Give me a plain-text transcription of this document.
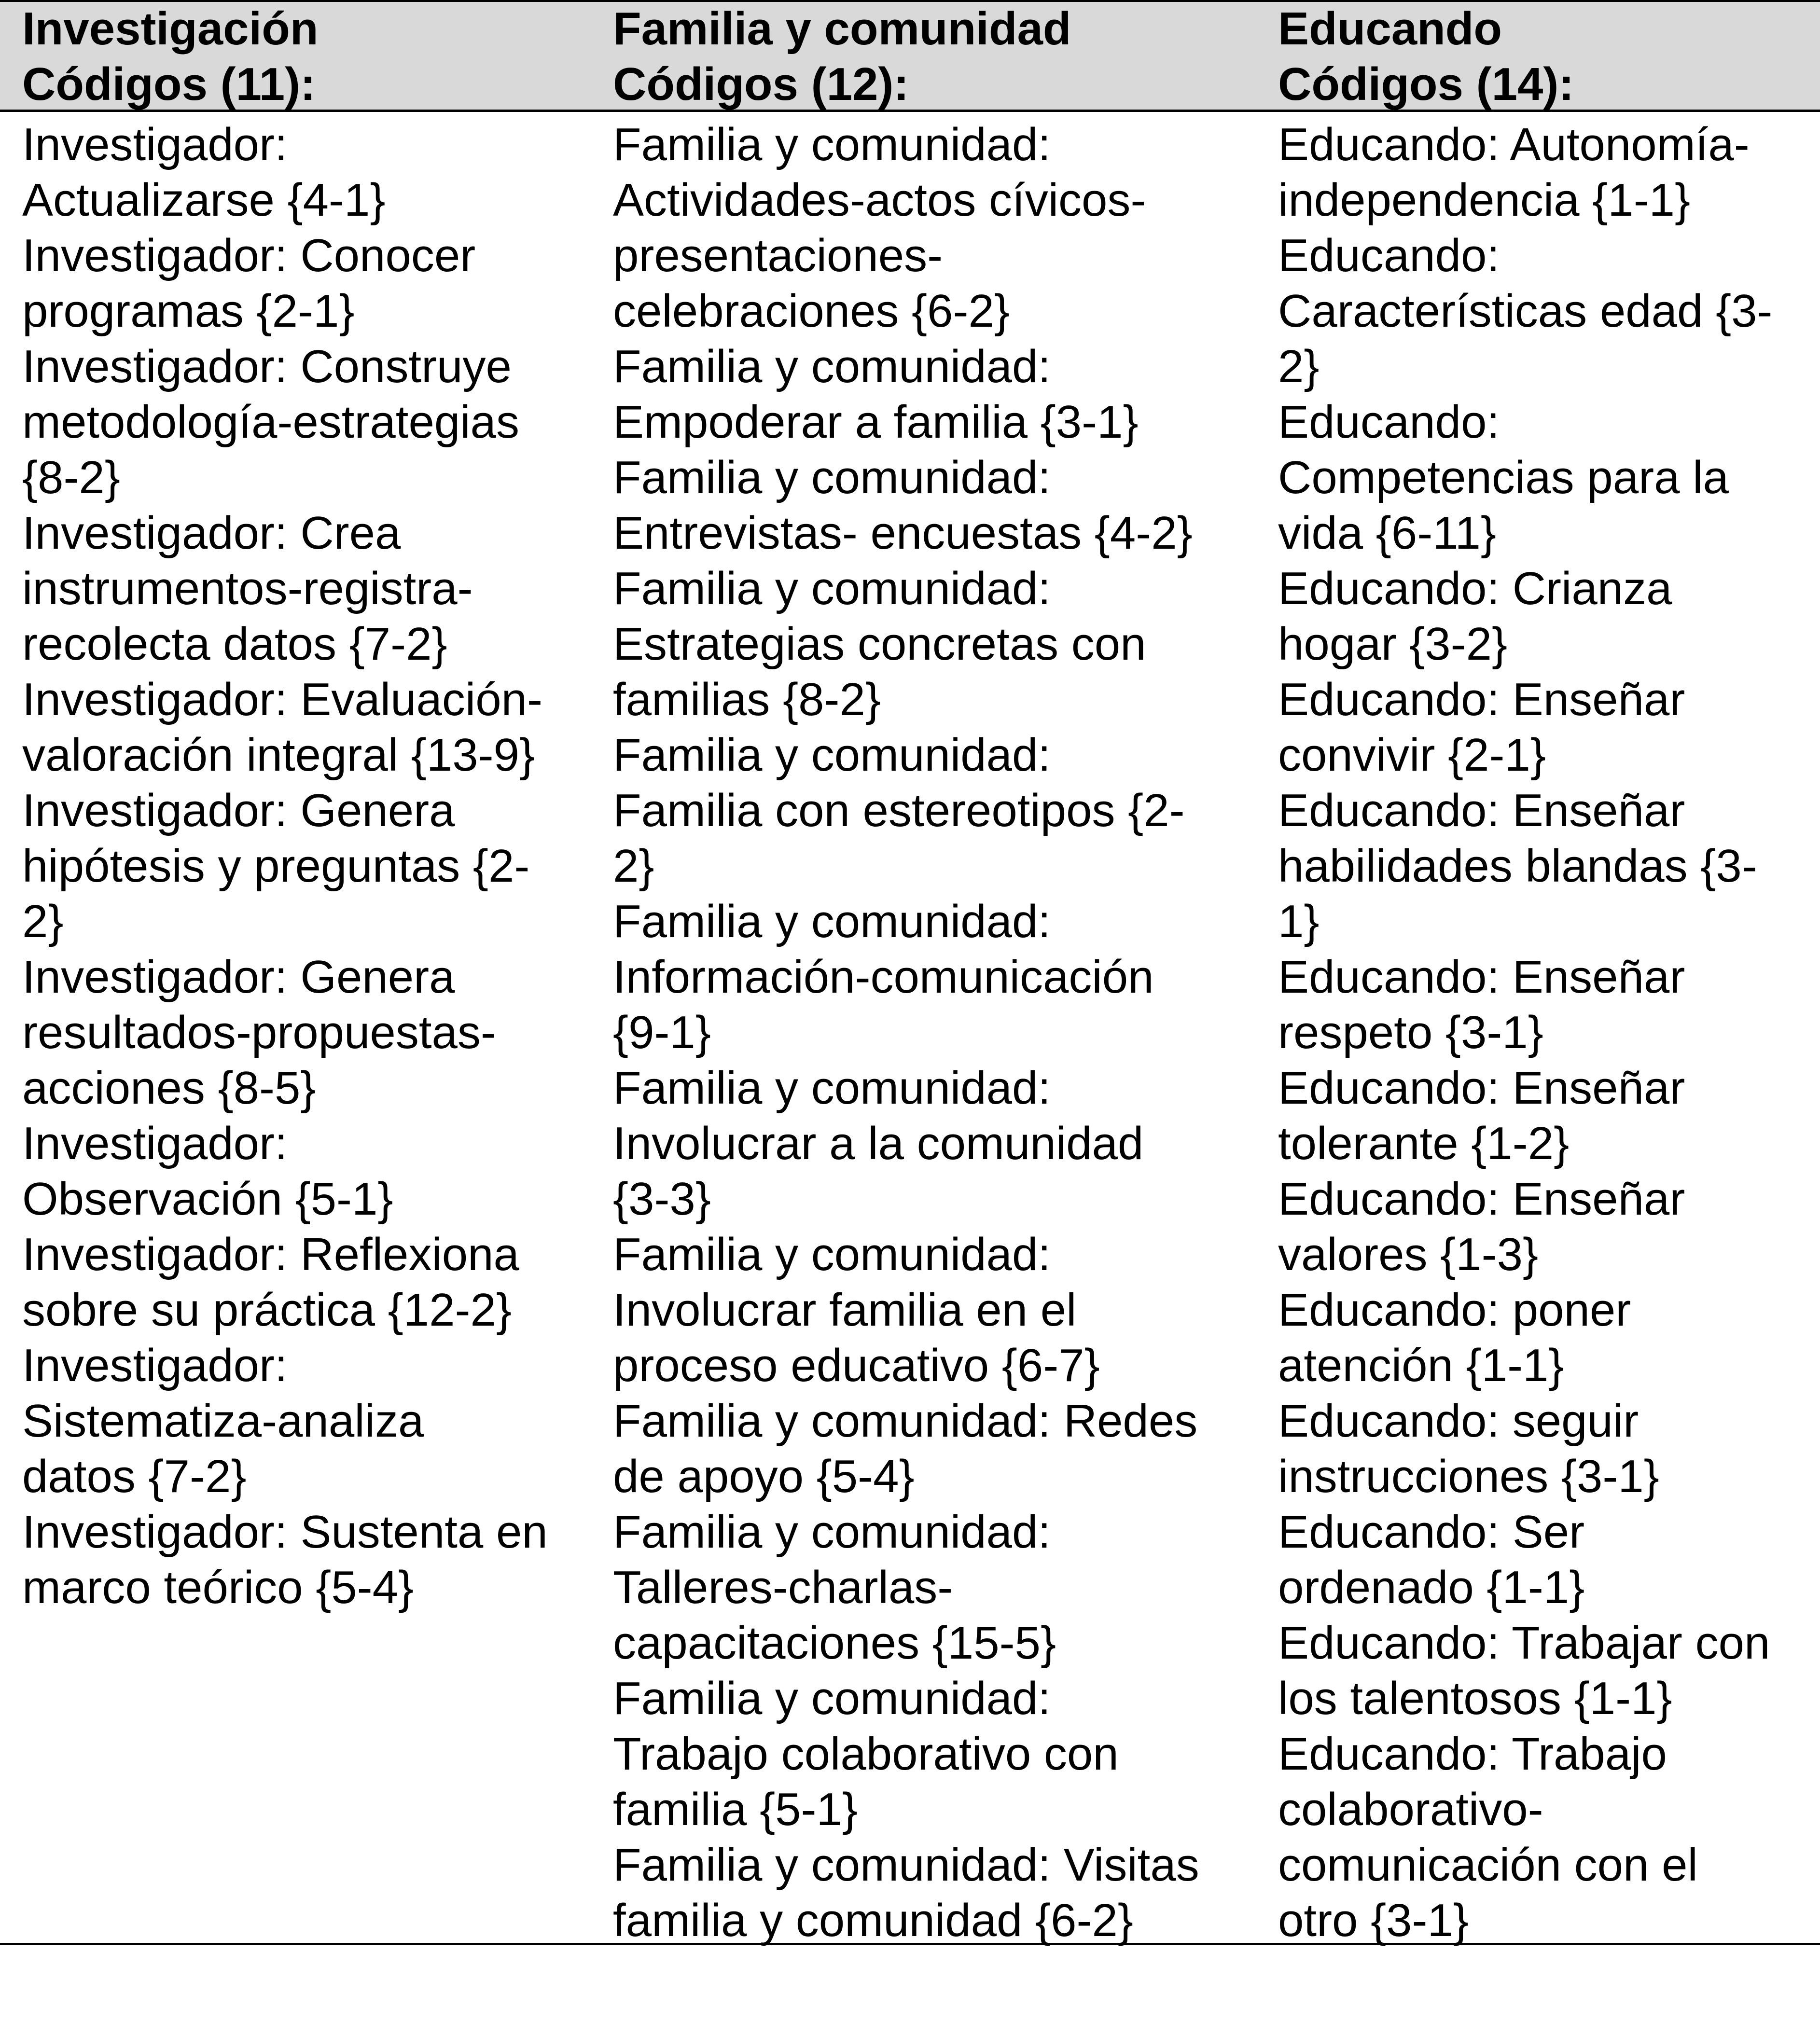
Investigación
Códigos (11):
Investigador:
Actualizarse {4-1}
Investigador: Conocer
programas {2-1}
Investigador: Construye
metodología-estrategias
{8-2}
Investigador: Crea
instrumentos-registra-
recolecta datos {7-2}
Investigador: Evaluación-
valoración integral {13-9}
Investigador: Genera
hipótesis y preguntas {2-
2}
Investigador: Genera
resultados-propuestas-
acciones {8-5}
Investigador:
Observación {5-1}
Investigador: Reflexiona
sobre su práctica {12-2}
Investigador:
Sistematiza-analiza
datos {7-2}
Investigador: Sustenta en
marco teórico {5-4}
Familia y comunidad
Códigos (12):
Familia y comunidad:
Actividades-actos cívicos-
presentaciones-
celebraciones {6-2}
Familia y comunidad:
Empoderar a familia {3-1}
Familia y comunidad:
Entrevistas- encuestas {4-2}
Familia y comunidad:
Estrategias concretas con
familias {8-2}
Familia y comunidad:
Familia con estereotipos {2-
2}
Familia y comunidad:
Información-comunicación
{9-1}
Familia y comunidad:
Involucrar a la comunidad
{3-3}
Familia y comunidad:
Involucrar familia en el
proceso educativo {6-7}
Familia y comunidad: Redes
de apoyo {5-4}
Familia y comunidad:
Talleres-charlas-
capacitaciones {15-5}
Familia y comunidad:
Trabajo colaborativo con
familia {5-1}
Familia y comunidad: Visitas
familia y comunidad {6-2}
Educando
Códigos (14):
Educando: Autonomía-
independencia {1-1}
Educando:
Características edad {3-
2}
Educando:
Competencias para la
vida {6-11}
Educando: Crianza
hogar {3-2}
Educando: Enseñar
convivir {2-1}
Educando: Enseñar
habilidades blandas {3-
1}
Educando: Enseñar
respeto {3-1}
Educando: Enseñar
tolerante {1-2}
Educando: Enseñar
valores {1-3}
Educando: poner
atención {1-1}
Educando: seguir
instrucciones {3-1}
Educando: Ser
ordenado {1-1}
Educando: Trabajar con
los talentosos {1-1}
Educando: Trabajo
colaborativo-
comunicación con el
otro {3-1}
